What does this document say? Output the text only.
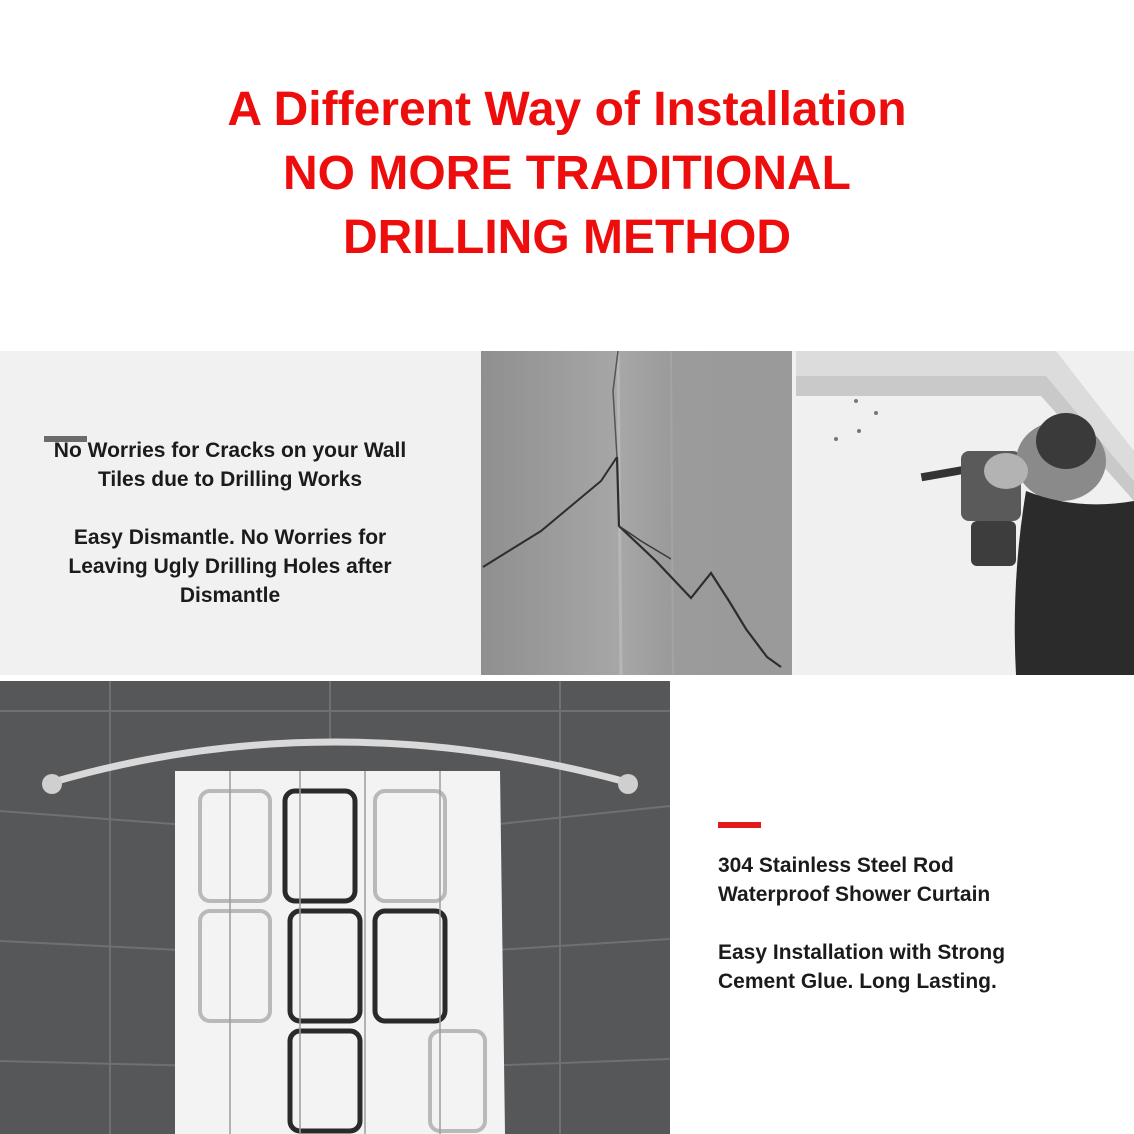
A Different Way of Installation
NO MORE TRADITIONAL
DRILLING METHOD

No Worries for Cracks on your Wall Tiles due to Drilling Works

Easy Dismantle. No Worries for Leaving Ugly Drilling Holes after Dismantle

304 Stainless Steel Rod
Waterproof Shower Curtain

Easy Installation with Strong
Cement Glue. Long Lasting.
